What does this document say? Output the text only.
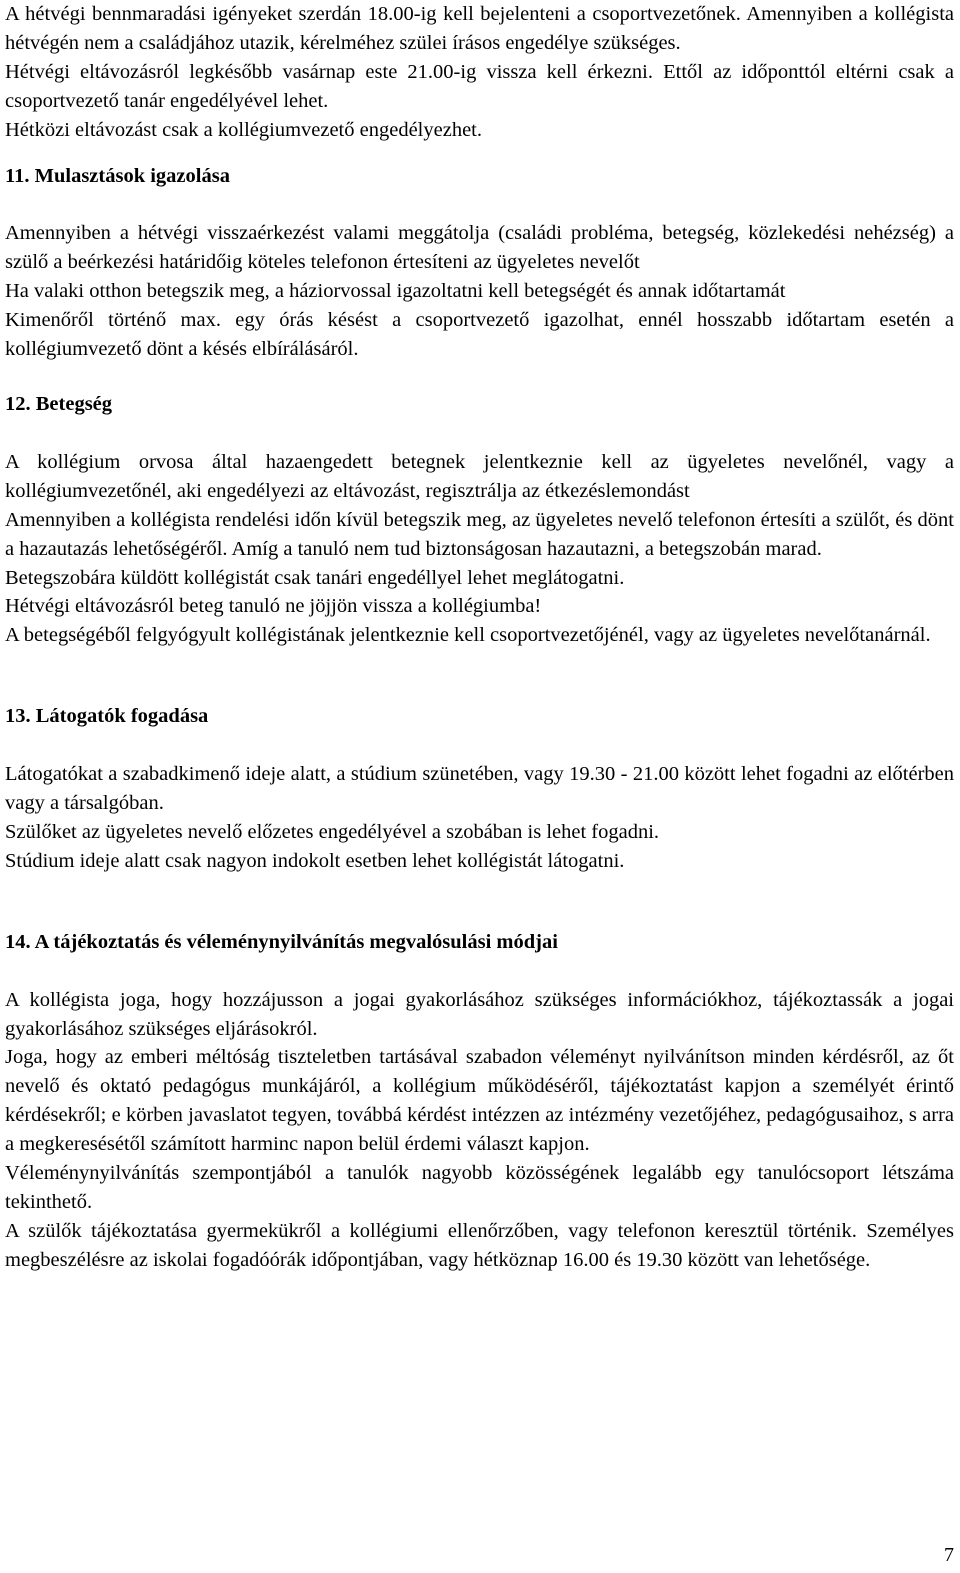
A hétvégi bennmaradási igényeket szerdán 18.00-ig kell bejelenteni a csoportvezetőnek. Amennyiben a kollégista hétvégén nem a családjához utazik, kérelméhez szülei írásos engedélye szükséges.

Hétvégi eltávozásról legkésőbb vasárnap este 21.00-ig vissza kell érkezni. Ettől az időponttól eltérni csak a csoportvezető tanár engedélyével lehet.

Hétközi eltávozást csak a kollégiumvezető engedélyezhet.

11. Mulasztások igazolása

Amennyiben a hétvégi visszaérkezést valami meggátolja (családi probléma, betegség, közlekedési nehézség) a szülő a beérkezési határidőig köteles telefonon értesíteni az ügyeletes nevelőt

Ha valaki otthon betegszik meg, a háziorvossal igazoltatni kell betegségét és annak időtartamát

Kimenőről történő max. egy órás késést a csoportvezető igazolhat, ennél hosszabb időtartam esetén a kollégiumvezető dönt a késés elbírálásáról.

12. Betegség

A kollégium orvosa által hazaengedett betegnek jelentkeznie kell az ügyeletes nevelőnél, vagy a kollégiumvezetőnél, aki engedélyezi az eltávozást, regisztrálja az étkezéslemondást

Amennyiben a kollégista rendelési időn kívül betegszik meg, az ügyeletes nevelő telefonon értesíti a szülőt, és dönt a hazautazás lehetőségéről. Amíg a tanuló nem tud biztonságosan hazautazni, a betegszobán marad.

Betegszobára küldött kollégistát csak tanári engedéllyel lehet meglátogatni.

Hétvégi eltávozásról beteg tanuló ne jöjjön vissza a kollégiumba!

A betegségéből felgyógyult kollégistának jelentkeznie kell csoportvezetőjénél, vagy az ügyeletes nevelőtanárnál.

13. Látogatók fogadása

Látogatókat a szabadkimenő ideje alatt, a stúdium szünetében, vagy 19.30 - 21.00 között lehet fogadni az előtérben vagy a társalgóban.

Szülőket az ügyeletes nevelő előzetes engedélyével a szobában is lehet fogadni.

Stúdium ideje alatt csak nagyon indokolt esetben lehet kollégistát látogatni.

14. A tájékoztatás és véleménynyilvánítás megvalósulási módjai

A kollégista joga, hogy hozzájusson a jogai gyakorlásához szükséges információkhoz, tájékoztassák a jogai gyakorlásához szükséges eljárásokról.

Joga, hogy az emberi méltóság tiszteletben tartásával szabadon véleményt nyilvánítson minden kérdésről, az őt nevelő és oktató pedagógus munkájáról, a kollégium működéséről, tájékoztatást kapjon a személyét érintő kérdésekről; e körben javaslatot tegyen, továbbá kérdést intézzen az intézmény vezetőjéhez, pedagógusaihoz, s arra a megkeresésétől számított harminc napon belül érdemi választ kapjon.

Véleménynyilvánítás szempontjából a tanulók nagyobb közösségének legalább egy tanulócsoport létszáma tekinthető.

A szülők tájékoztatása gyermekükről a kollégiumi ellenőrzőben, vagy telefonon keresztül történik. Személyes megbeszélésre az iskolai fogadóórák időpontjában, vagy hétköznap 16.00 és 19.30 között van lehetősége.

7
